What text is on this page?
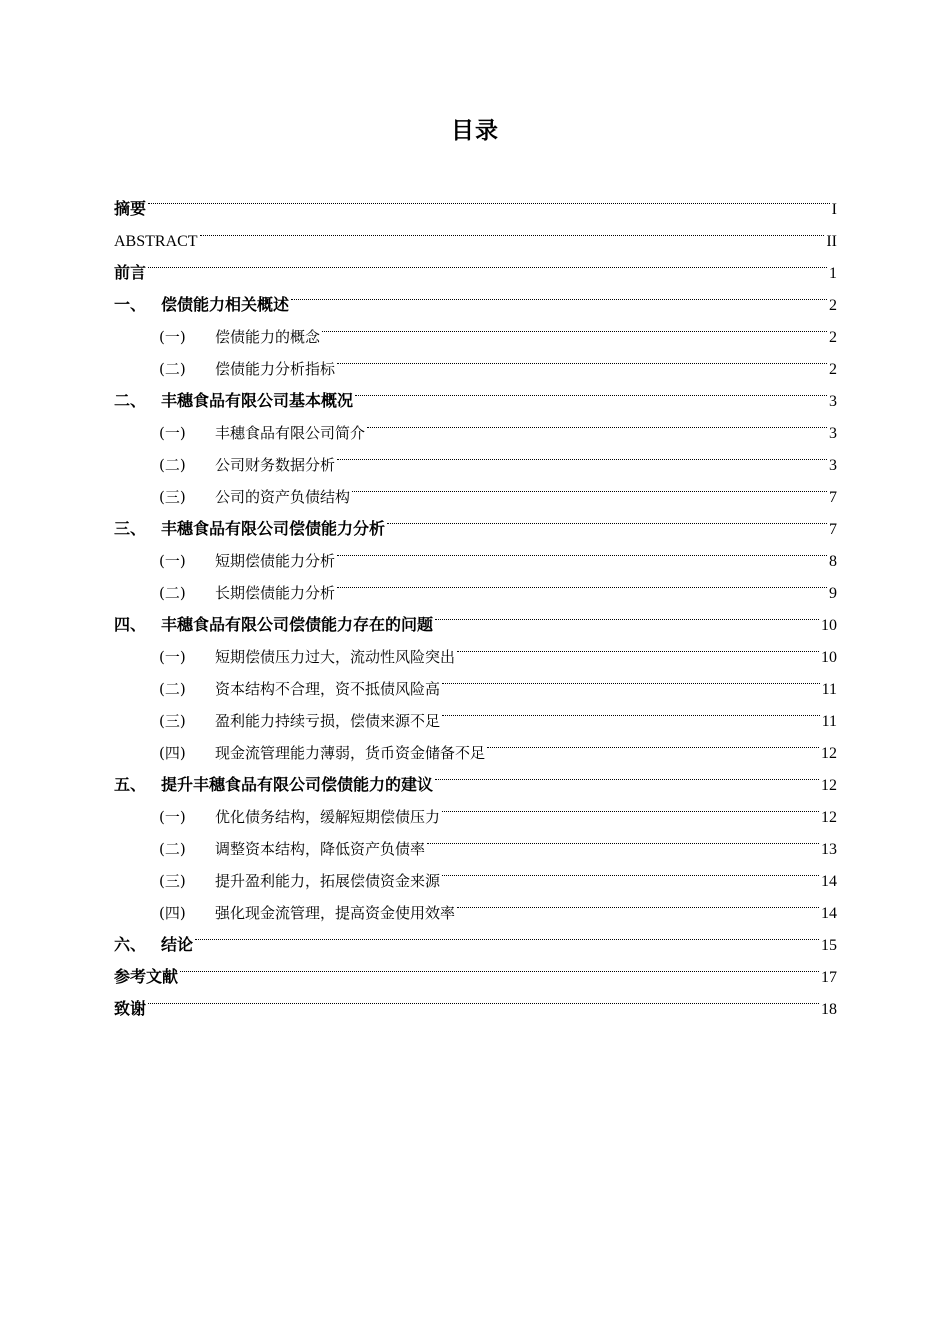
目录
摘要	I
ABSTRACT	II
前言	1
一、 偿债能力相关概述	2
(一)	偿债能力的概念	2
(二)	偿债能力分析指标	2
二、 丰穗食品有限公司基本概况	3
(一)	丰穗食品有限公司简介	3
(二)	公司财务数据分析	3
(三)	公司的资产负债结构	7
三、 丰穗食品有限公司偿债能力分析	7
(一)	短期偿债能力分析	8
(二)	长期偿债能力分析	9
四、 丰穗食品有限公司偿债能力存在的问题	10
(一)	短期偿债压力过大，流动性风险突出	10
(二)	资本结构不合理，资不抵债风险高	11
(三)	盈利能力持续亏损，偿债来源不足	11
(四)	现金流管理能力薄弱，货币资金储备不足	12
五、 提升丰穗食品有限公司偿债能力的建议	12
(一)	优化债务结构，缓解短期偿债压力	12
(二)	调整资本结构，降低资产负债率	13
(三)	提升盈利能力，拓展偿债资金来源	14
(四)	强化现金流管理，提高资金使用效率	14
六、 结论	15
参考文献	17
致谢	18
